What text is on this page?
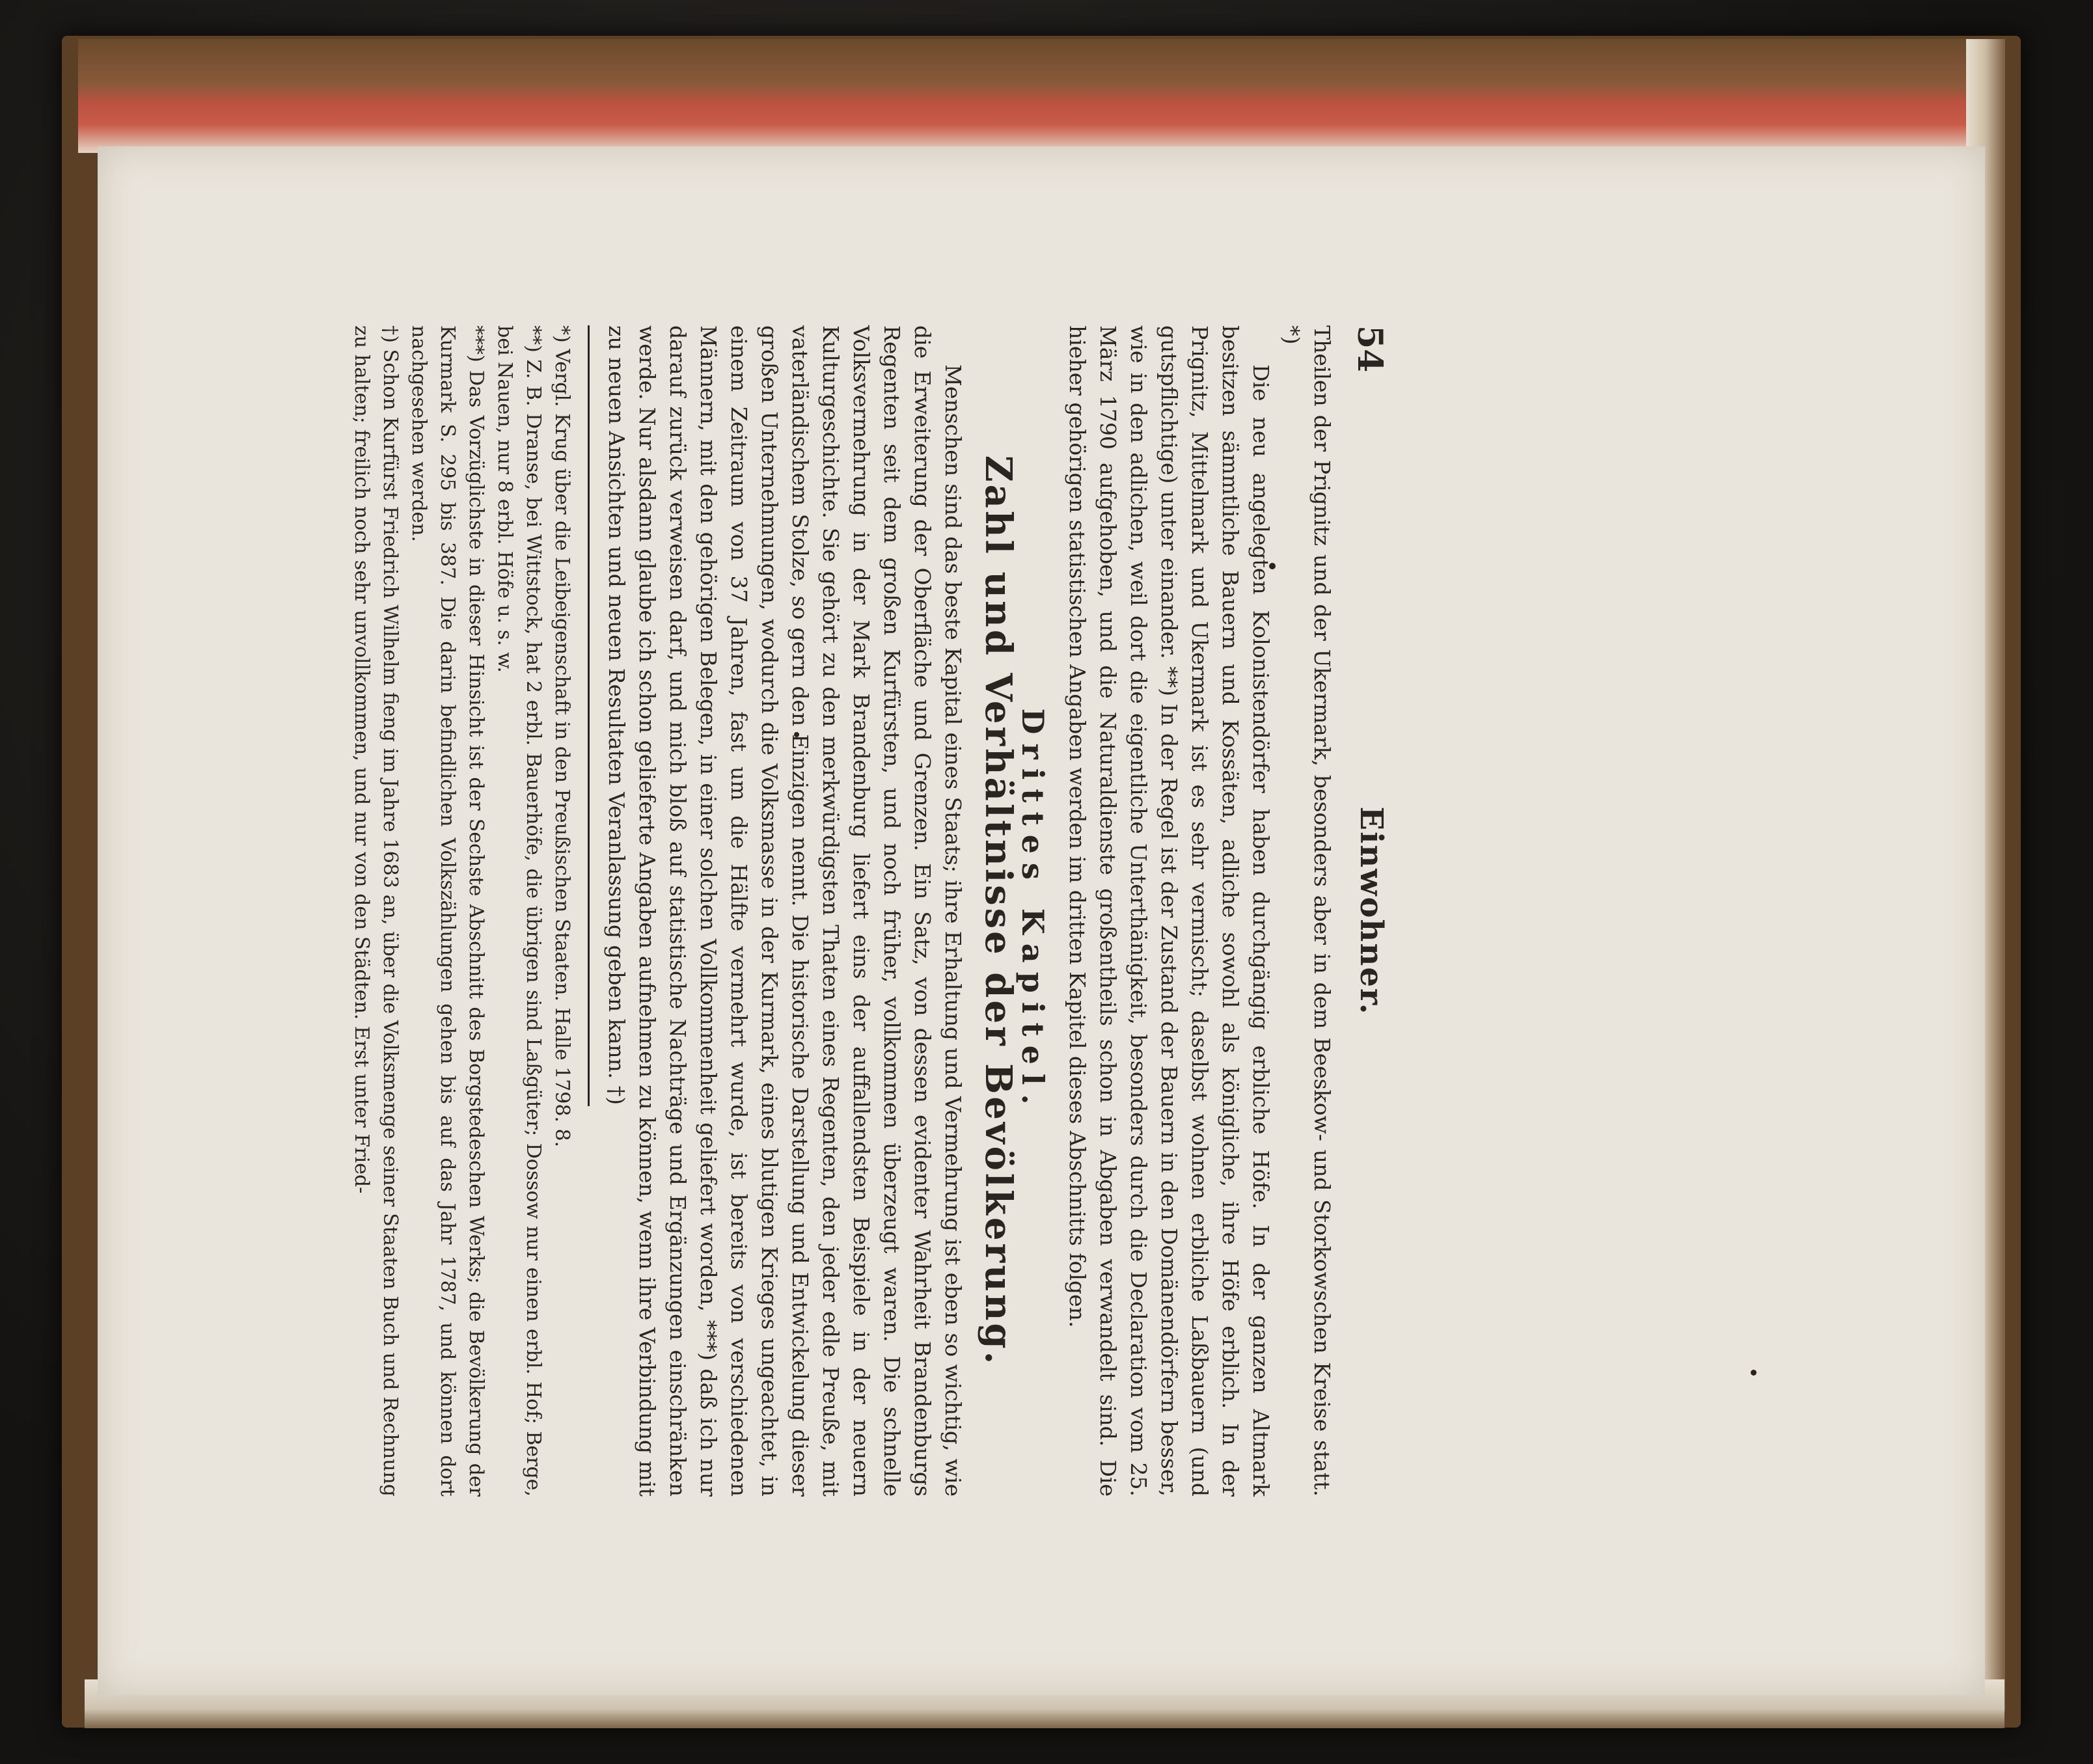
54
Einwohner.

Theilen der Prignitz und der Ukermark, besonders aber in dem Beeskow- und Storkowschen Kreise statt. *)

Die neu angelegten Kolonistendörfer haben durchgängig erbliche Höfe. In der ganzen Altmark besitzen sämmtliche Bauern und Kossäten, adliche sowohl als königliche, ihre Höfe erblich. In der Prignitz, Mittelmark und Ukermark ist es sehr vermischt; daselbst wohnen erbliche Laßbauern (und gutspflichtige) unter einander. **) In der Regel ist der Zustand der Bauern in den Domänendörfern besser, wie in den adlichen, weil dort die eigentliche Unterthänigkeit, besonders durch die Declaration vom 25. März 1790 aufgehoben, und die Naturaldienste großentheils schon in Abgaben verwandelt sind. Die hieher gehörigen statistischen Angaben werden im dritten Kapitel dieses Abschnitts folgen.

Drittes Kapitel.
Zahl und Verhältnisse der Bevölkerung.

Menschen sind das beste Kapital eines Staats; ihre Erhaltung und Vermehrung ist eben so wichtig, wie die Erweiterung der Oberfläche und Grenzen. Ein Satz, von dessen evidenter Wahrheit Brandenburgs Regenten seit dem großen Kurfürsten, und noch früher, vollkommen überzeugt waren. Die schnelle Volksvermehrung in der Mark Brandenburg liefert eins der auffallendsten Beispiele in der neuern Kulturgeschichte. Sie gehört zu den merkwürdigsten Thaten eines Regenten, den jeder edle Preuße, mit vaterländischem Stolze, so gern den Einzigen nennt. Die historische Darstellung und Entwickelung dieser großen Unternehmungen, wodurch die Volksmasse in der Kurmark, eines blutigen Krieges ungeachtet, in einem Zeitraum von 37 Jahren, fast um die Hälfte vermehrt wurde, ist bereits von verschiedenen Männern, mit den gehörigen Belegen, in einer solchen Vollkommenheit geliefert worden, ***) daß ich nur darauf zurück verweisen darf, und mich bloß auf statistische Nachträge und Ergänzungen einschränken werde. Nur alsdann glaube ich schon gelieferte Angaben aufnehmen zu können, wenn ihre Verbindung mit zu neuen Ansichten und neuen Resultaten Veranlassung geben kann. †)

*) Vergl. Krug über die Leibeigenschaft in den Preußischen Staaten. Halle 1798. 8.

**) Z. B. Dranse, bei Wittstock, hat 2 erbl. Bauerhöfe, die übrigen sind Laßgüter; Dossow nur einen erbl. Hof; Berge, bei Nauen, nur 8 erbl. Höfe u. s. w.

***) Das Vorzüglichste in dieser Hinsicht ist der Sechste Abschnitt des Borgstedeschen Werks; die Bevölkerung der Kurmark S. 295 bis 387. Die darin befindlichen Volkszählungen gehen bis auf das Jahr 1787, und können dort nachgesehen werden.

†) Schon Kurfürst Friedrich Wilhelm fieng im Jahre 1683 an, über die Volksmenge seiner Staaten Buch und Rechnung zu halten; freilich noch sehr unvollkommen, und nur von den Städten. Erst unter Fried-
